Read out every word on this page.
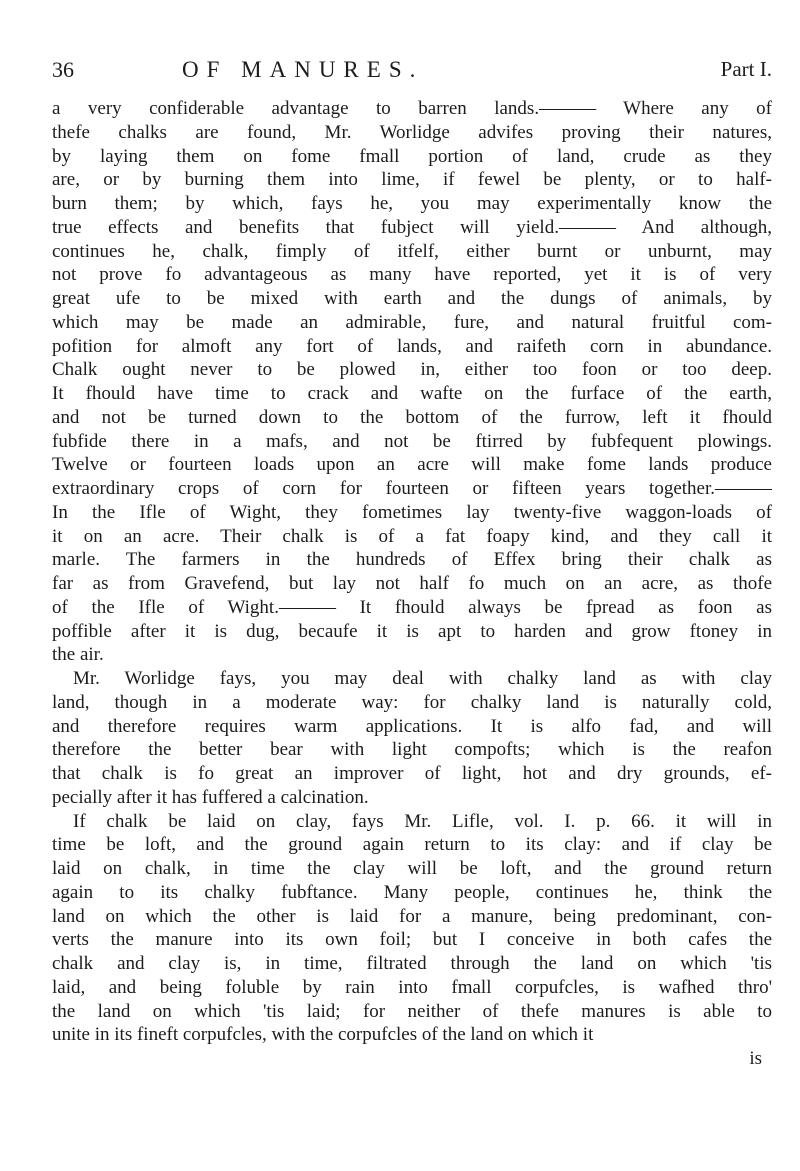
36	OF MANURES.	Part I.
a very confiderable advantage to barren lands.——— Where any of
thefe chalks are found, Mr. Worlidge advifes proving their natures,
by laying them on fome fmall portion of land, crude as they
are, or by burning them into lime, if fewel be plenty, or to half-
burn them; by which, fays he, you may experimentally know the
true effects and benefits that fubject will yield.——— And although,
continues he, chalk, fimply of itfelf, either burnt or unburnt, may
not prove fo advantageous as many have reported, yet it is of very
great ufe to be mixed with earth and the dungs of animals, by
which may be made an admirable, fure, and natural fruitful com-
pofition for almoft any fort of lands, and raifeth corn in abundance.
Chalk ought never to be plowed in, either too foon or too deep.
It fhould have time to crack and wafte on the furface of the earth,
and not be turned down to the bottom of the furrow, left it fhould
fubfide there in a mafs, and not be ftirred by fubfequent plowings.
Twelve or fourteen loads upon an acre will make fome lands produce
extraordinary crops of corn for fourteen or fifteen years together.———
In the Ifle of Wight, they fometimes lay twenty-five waggon-loads of
it on an acre. Their chalk is of a fat foapy kind, and they call it
marle. The farmers in the hundreds of Effex bring their chalk as
far as from Gravefend, but lay not half fo much on an acre, as thofe
of the Ifle of Wight.——— It fhould always be fpread as foon as
poffible after it is dug, becaufe it is apt to harden and grow ftoney in
the air.
Mr. Worlidge fays, you may deal with chalky land as with clay
land, though in a moderate way: for chalky land is naturally cold,
and therefore requires warm applications. It is alfo fad, and will
therefore the better bear with light compofts; which is the reafon
that chalk is fo great an improver of light, hot and dry grounds, ef-
pecially after it has fuffered a calcination.
If chalk be laid on clay, fays Mr. Lifle, vol. I. p. 66. it will in
time be loft, and the ground again return to its clay: and if clay be
laid on chalk, in time the clay will be loft, and the ground return
again to its chalky fubftance. Many people, continues he, think the
land on which the other is laid for a manure, being predominant, con-
verts the manure into its own foil; but I conceive in both cafes the
chalk and clay is, in time, filtrated through the land on which 'tis
laid, and being foluble by rain into fmall corpufcles, is wafhed thro'
the land on which 'tis laid; for neither of thefe manures is able to
unite in its fineft corpufcles, with the corpufcles of the land on which it
is
